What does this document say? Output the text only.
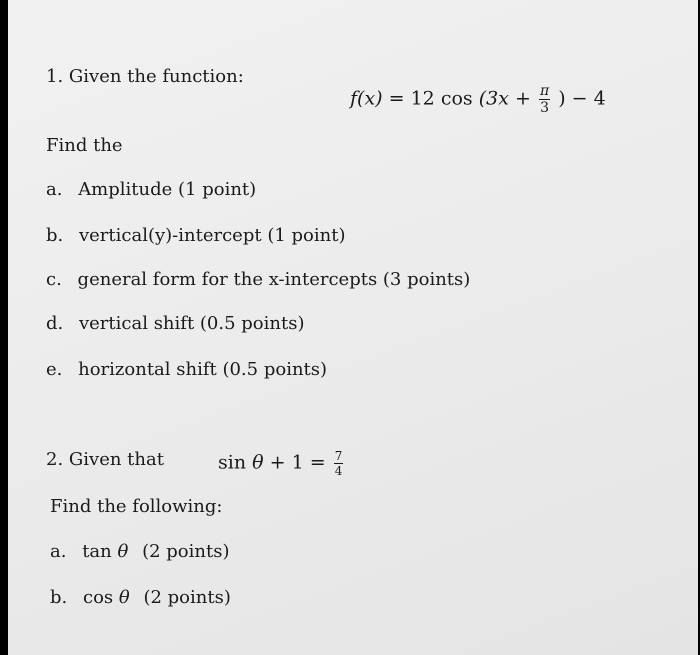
1. Given the function:
f(x) = 12 $\cos (3x + \frac{\pi}{3}$ ) − 4
Find the
a. Amplitude (1 point)
b. vertical(y)-intercept (1 point)
c. general form for the x-intercepts (3 points)
d. vertical shift (0.5 points)
e. horizontal shift (0.5 points)
2. Given that	$\sin \theta + 1 = \frac{7}{4}$
Find the following:
a. tan θ (2 points)
b. cos θ (2 points)
